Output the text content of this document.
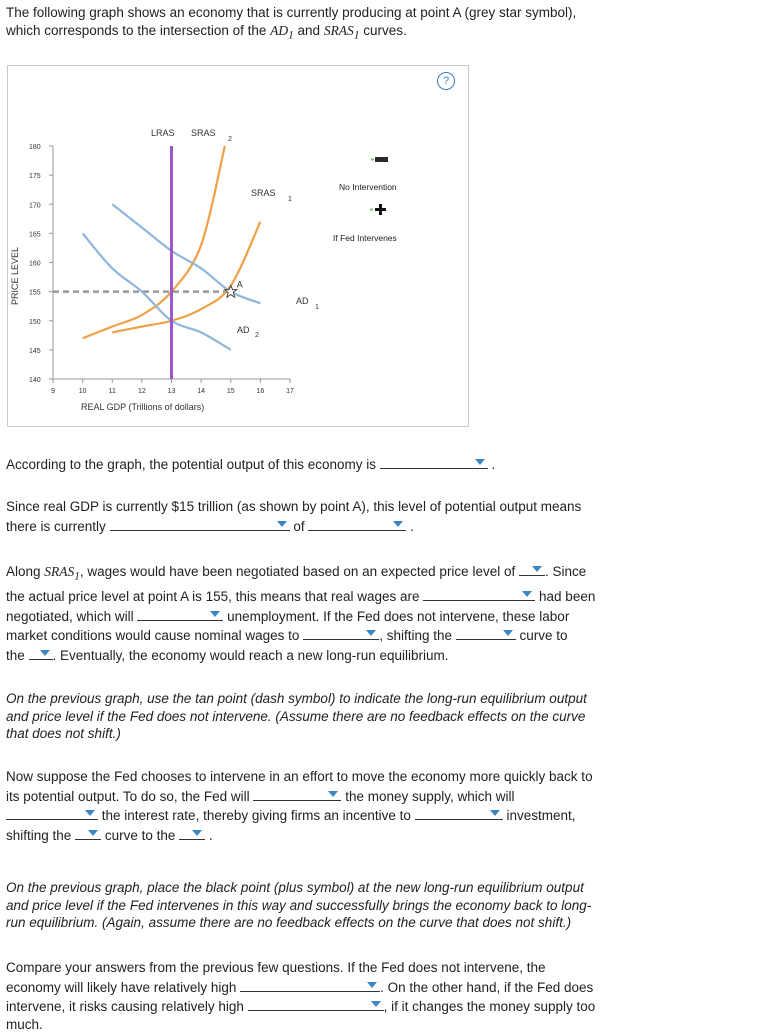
The following graph shows an economy that is currently producing at point A (grey star symbol),
which corresponds to the intersection of the $AD_1$ and $SRAS_1$ curves.
PRICE LEVEL
REAL GDP (Trillions of dollars)
180
175
170
165
160
155
150
145
140
9	10	11	12	13	14	15	16	17
A
LRAS SRAS
2
SRAS
1
AD
1
AD
2
No Intervention
If Fed Intervenes
?
According to the graph, the potential output of this economy is	.
Since real GDP is currently $15 trillion (as shown by point A), this level of potential output means
there is currently	of	.
Along $SRAS_1$, wages would have been negotiated based on an expected price level of . Since
the actual price level at point A is 155, this means that real wages are	had been
negotiated, which will	unemployment. If the Fed does not intervene, these labor
market conditions would cause nominal wages to	, shifting the	curve to
the . Eventually, the economy would reach a new long-run equilibrium.
On the previous graph, use the tan point (dash symbol) to indicate the long-run equilibrium output
and price level if the Fed does not intervene. (Assume there are no feedback effects on the curve
that does not shift.)
Now suppose the Fed chooses to intervene in an effort to move the economy more quickly back to
its potential output. To do so, the Fed will	the money supply, which will

the interest rate, thereby giving firms an incentive to	investment,
shifting the curve to the .
On the previous graph, place the black point (plus symbol) at the new long-run equilibrium output
and price level if the Fed intervenes in this way and successfully brings the economy back to long-
run equilibrium. (Again, assume there are no feedback effects on the curve that does not shift.)
Compare your answers from the previous few questions. If the Fed does not intervene, the
economy will likely have relatively high	. On the other hand, if the Fed does
intervene, it risks causing relatively high	, if it changes the money supply too
much.
